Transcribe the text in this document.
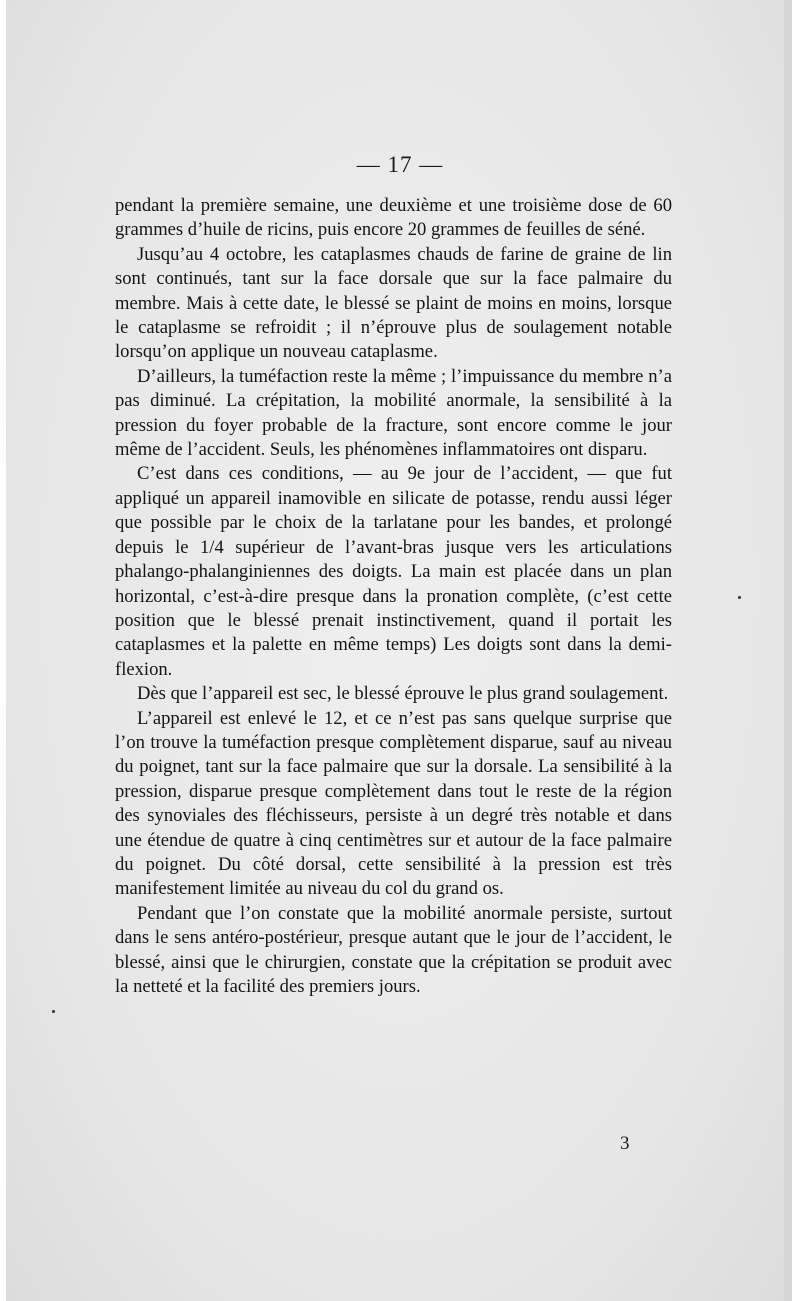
— 17 —

pendant la première semaine, une deuxième et une troisième dose de 60 grammes d’huile de ricins, puis encore 20 grammes de feuilles de séné.

Jusqu’au 4 octobre, les cataplasmes chauds de farine de graine de lin sont continués, tant sur la face dorsale que sur la face palmaire du membre. Mais à cette date, le blessé se plaint de moins en moins, lorsque le cataplasme se refroidit ; il n’éprouve plus de soulagement notable lorsqu’on applique un nouveau cataplasme.

D’ailleurs, la tuméfaction reste la même ; l’impuissance du membre n’a pas diminué. La crépitation, la mobilité anormale, la sensibilité à la pression du foyer probable de la fracture, sont encore comme le jour même de l’accident. Seuls, les phénomènes inflammatoires ont disparu.

C’est dans ces conditions, — au 9e jour de l’accident, — que fut appliqué un appareil inamovible en silicate de potasse, rendu aussi léger que possible par le choix de la tarlatane pour les bandes, et prolongé depuis le 1/4 supérieur de l’avant-bras jusque vers les articulations phalango-phalanginiennes des doigts. La main est placée dans un plan horizontal, c’est-à-dire presque dans la pronation complète, (c’est cette position que le blessé prenait instinctivement, quand il portait les cataplasmes et la palette en même temps) Les doigts sont dans la demi-flexion.

Dès que l’appareil est sec, le blessé éprouve le plus grand soulagement.

L’appareil est enlevé le 12, et ce n’est pas sans quelque surprise que l’on trouve la tuméfaction presque complètement disparue, sauf au niveau du poignet, tant sur la face palmaire que sur la dorsale. La sensibilité à la pression, disparue presque complètement dans tout le reste de la région des synoviales des fléchisseurs, persiste à un degré très notable et dans une étendue de quatre à cinq centimètres sur et autour de la face palmaire du poignet. Du côté dorsal, cette sensibilité à la pression est très manifestement limitée au niveau du col du grand os.

Pendant que l’on constate que la mobilité anormale persiste, surtout dans le sens antéro-postérieur, presque autant que le jour de l’accident, le blessé, ainsi que le chirurgien, constate que la crépitation se produit avec la netteté et la facilité des premiers jours.

3
